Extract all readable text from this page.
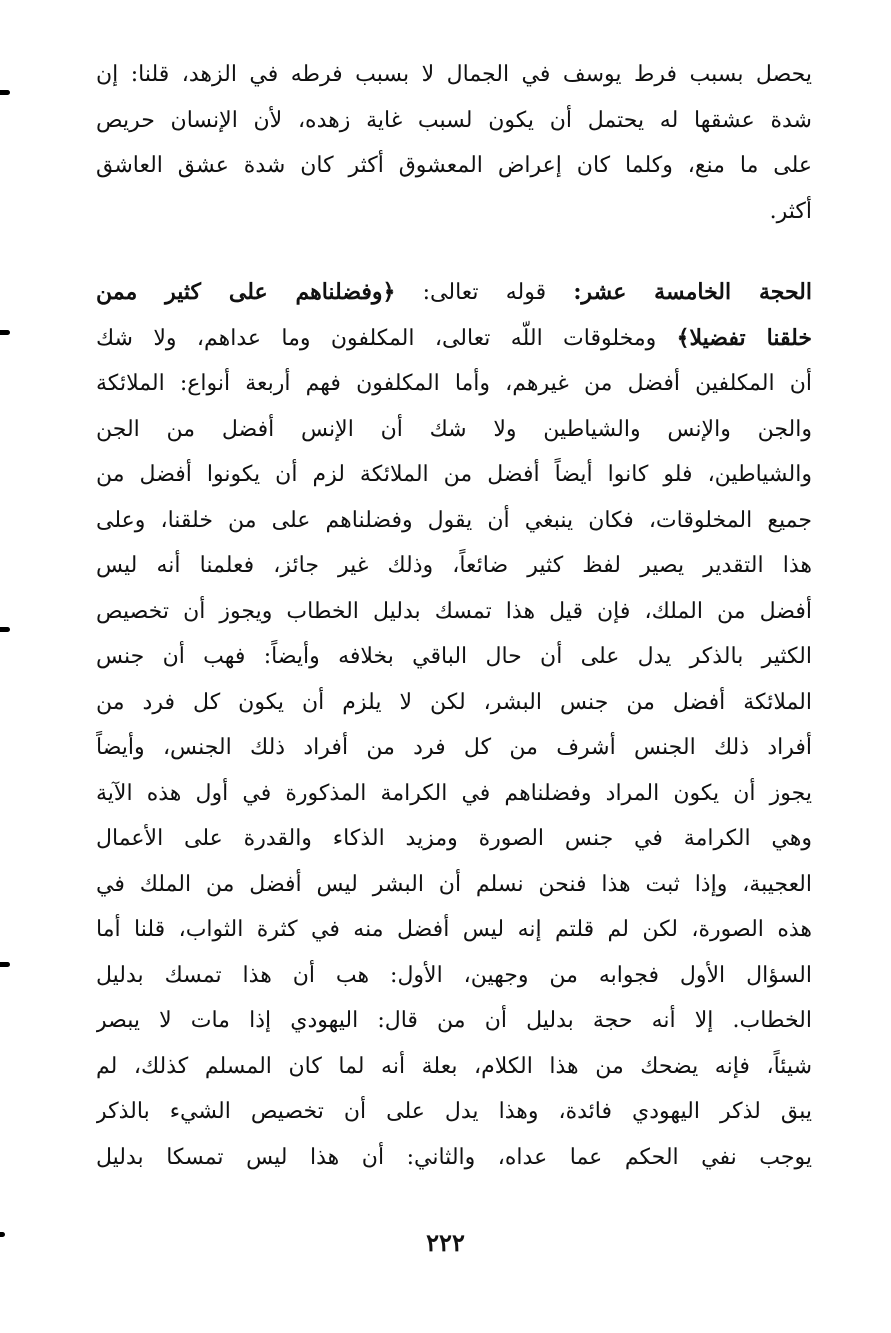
يحصل بسبب فرط يوسف في الجمال لا بسبب فرطه في الزهد، قلنا: إن
شدة عشقها له يحتمل أن يكون لسبب غاية زهده، لأن الإنسان حريص
على ما منع، وكلما كان إعراض المعشوق أكثر كان شدة عشق العاشق
أكثر.
الحجة الخامسة عشر: قوله تعالى: ﴿وفضلناهم على كثير ممن
خلقنا تفضيلا﴾ ومخلوقات اللّه تعالى، المكلفون وما عداهم، ولا شك
أن المكلفين أفضل من غيرهم، وأما المكلفون فهم أربعة أنواع: الملائكة
والجن والإنس والشياطين ولا شك أن الإنس أفضل من الجن
والشياطين، فلو كانوا أيضاً أفضل من الملائكة لزم أن يكونوا أفضل من
جميع المخلوقات، فكان ينبغي أن يقول وفضلناهم على من خلقنا، وعلى
هذا التقدير يصير لفظ كثير ضائعاً، وذلك غير جائز، فعلمنا أنه ليس
أفضل من الملك، فإن قيل هذا تمسك بدليل الخطاب ويجوز أن تخصيص
الكثير بالذكر يدل على أن حال الباقي بخلافه وأيضاً: فهب أن جنس
الملائكة أفضل من جنس البشر، لكن لا يلزم أن يكون كل فرد من
أفراد ذلك الجنس أشرف من كل فرد من أفراد ذلك الجنس، وأيضاً
يجوز أن يكون المراد وفضلناهم في الكرامة المذكورة في أول هذه الآية
وهي الكرامة في جنس الصورة ومزيد الذكاء والقدرة على الأعمال
العجيبة، وإذا ثبت هذا فنحن نسلم أن البشر ليس أفضل من الملك في
هذه الصورة، لكن لم قلتم إنه ليس أفضل منه في كثرة الثواب، قلنا أما
السؤال الأول فجوابه من وجهين، الأول: هب أن هذا تمسك بدليل
الخطاب. إلا أنه حجة بدليل أن من قال: اليهودي إذا مات لا يبصر
شيئاً، فإنه يضحك من هذا الكلام، بعلة أنه لما كان المسلم كذلك، لم
يبق لذكر اليهودي فائدة، وهذا يدل على أن تخصيص الشيء بالذكر
يوجب نفي الحكم عما عداه، والثاني: أن هذا ليس تمسكا بدليل
٢٢٢
